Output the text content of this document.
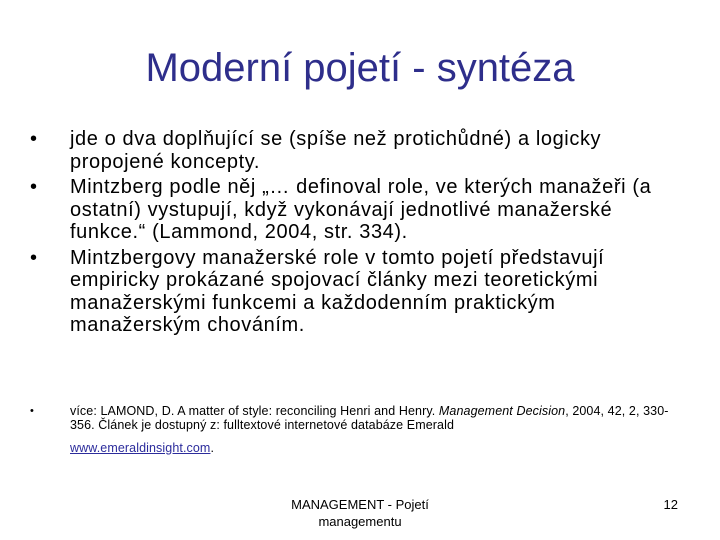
Moderní pojetí - syntéza
• jde o dva doplňující se (spíše než protichůdné) a logicky propojené koncepty.
• Mintzberg podle něj „… definoval role, ve kterých manažeři (a ostatní) vystupují, když vykonávají jednotlivé manažerské funkce.“ (Lammond, 2004, str. 334).
• Mintzbergovy manažerské role v tomto pojetí představují empiricky prokázané spojovací články mezi teoretickými manažerskými funkcemi a každodenním praktickým manažerským chováním.
•	více: LAMOND, D. A matter of style: reconciling Henri and Henry. Management Decision, 2004, 42, 2, 330-356. Článek je dostupný z: fulltextové internetové databáze Emerald
www.emeraldinsight.com.
MANAGEMENT - Pojetí managementu
12
